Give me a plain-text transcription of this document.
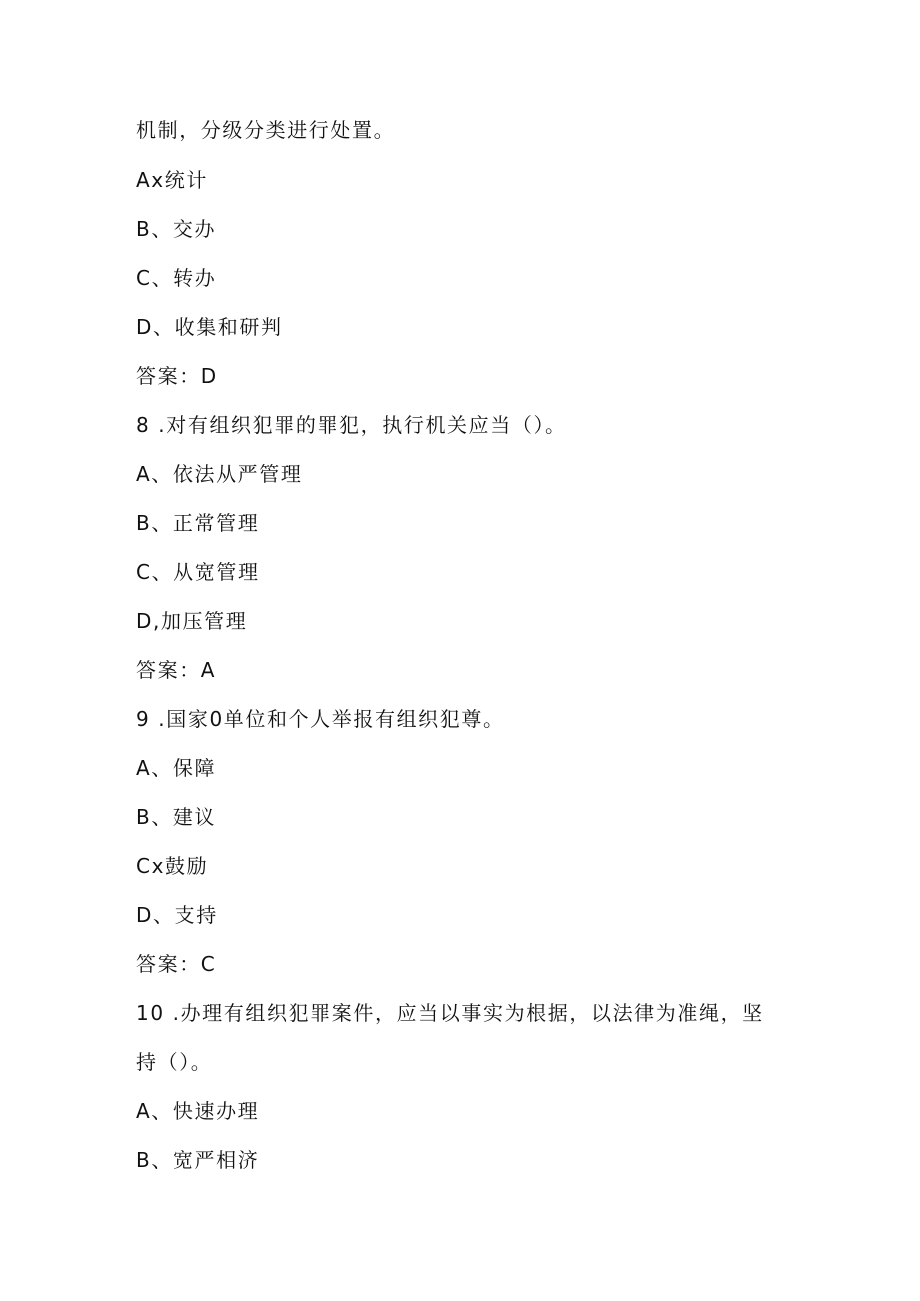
机制，分级分类进行处置。
Ax统计
B、交办
C、转办
D、收集和研判
答案：D
8 .对有组织犯罪的罪犯，执行机关应当（）。
A、依法从严管理
B、正常管理
C、从宽管理
D,加压管理
答案：A
9 .国家0单位和个人举报有组织犯尊。
A、保障
B、建议
Cx鼓励
D、支持
答案：C
10 .办理有组织犯罪案件，应当以事实为根据，以法律为准绳，坚
持（）。
A、快速办理
B、宽严相济
